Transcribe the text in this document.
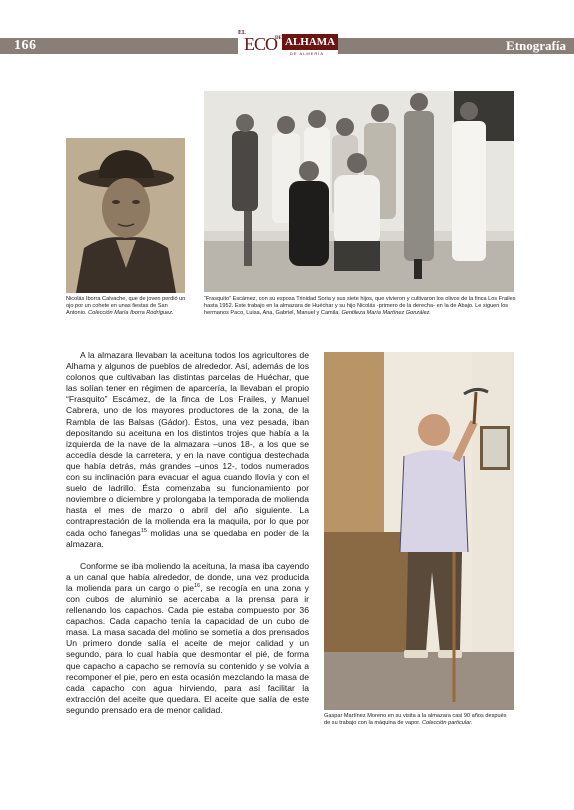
166	Etnografía
EL
ECO
DE ALHAMA
DE ALMERÍA
Nicolás Iborra Calvache, que de joven perdió un ojo por un cohete en unas fiestas de San Antonio. Colección María Iborra Rodríguez.
“Frasquito” Escámez, con su esposa Trinidad Soria y sus siete hijos, que vivieron y cultivaron los olivos de la finca Los Frailes hasta 1952. Este trabajo en la almazara de Huéchar y su hijo Nicolás -primero de la derecha- en la de Abajo. Le siguen los hermanos Paco, Luisa, Ana, Gabriel, Manuel y Camila. Gentileza María Martínez González.
Gaspar Martínez Moreno en su visita a la almazara casi 90 años después de su trabajo con la máquina de vapor. Colección particular.

A la almazara llevaban la aceituna todos los agricultores de Alhama y algunos de pueblos de alrededor. Así, además de los colonos que cultivaban las distintas parcelas de Huéchar, que las solían tener en régimen de aparcería, la llevaban el propio “Frasquito” Escámez, de la finca de Los Frailes, y Manuel Cabrera, uno de los mayores productores de la zona, de la Rambla de las Balsas (Gádor). Éstos, una vez pesada, iban depositando su aceituna en los distintos trojes que había a la izquierda de la nave de la almazara –unos 18-, a los que se accedía desde la carretera, y en la nave contigua destechada que había detrás, más grandes –unos 12-, todos numerados con su inclinación para evacuar el agua cuando llovía y con el suelo de ladrillo. Ésta comenzaba su funcionamiento por noviembre o diciembre y prolongaba la temporada de molienda hasta el mes de marzo o abril del año siguiente. La contraprestación de la molienda era la maquila, por lo que por cada ocho fanegas$^{15}$ molidas una se quedaba en poder de la almazara.

Conforme se iba moliendo la aceituna, la masa iba cayendo a un canal que había alrededor, de donde, una vez producida la molienda para un cargo o pie$^{16}$, se recogía en una zona y con cubos de aluminio se acercaba a la prensa para ir rellenando los capachos. Cada pie estaba compuesto por 36 capachos. Cada capacho tenía la capacidad de un cubo de masa. La masa sacada del molino se sometía a dos prensados Un primero donde salía el aceite de mejor calidad y un segundo, para lo cual había que desmontar el pié, de forma que capacho a capacho se removía su contenido y se volvía a recomponer el pie, pero en esta ocasión mezclando la masa de cada capacho con agua hirviendo, para así facilitar la extracción del aceite que quedara. El aceite que salía de este segundo prensado era de menor calidad.
